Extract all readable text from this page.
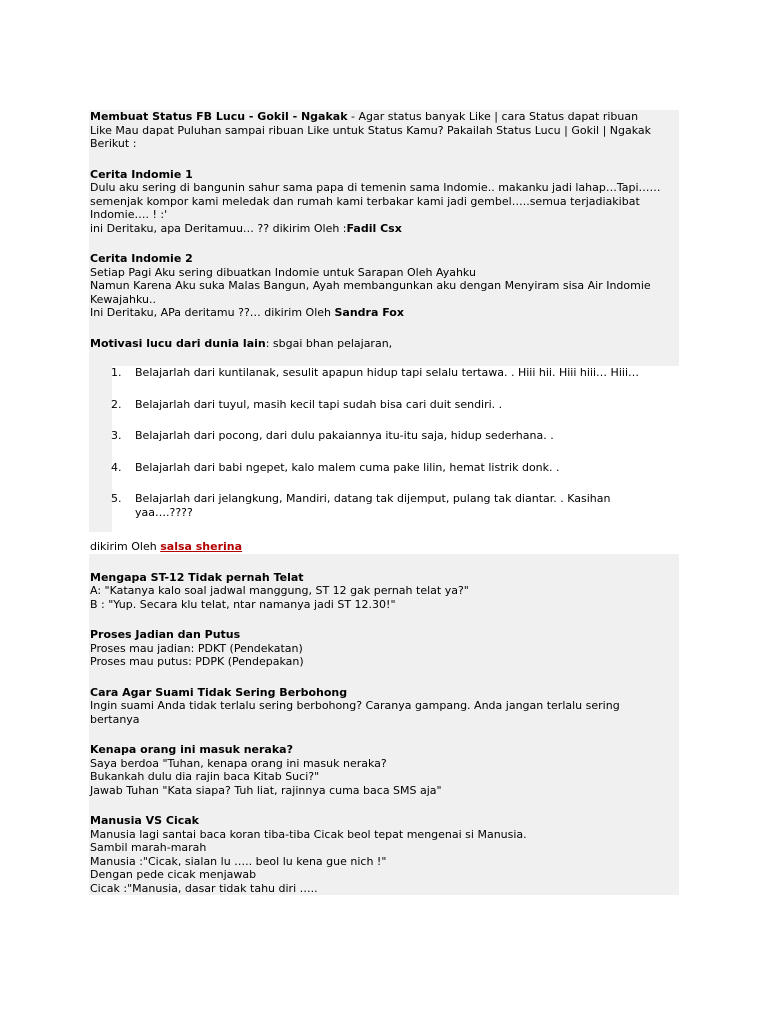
Membuat Status FB Lucu - Gokil - Ngakak - Agar status banyak Like | cara Status dapat ribuan

Like Mau dapat Puluhan sampai ribuan Like untuk Status Kamu? Pakailah Status Lucu | Gokil | Ngakak

Berikut :

Cerita Indomie 1

Dulu aku sering di bangunin sahur sama papa di temenin sama Indomie.. makanku jadi lahap…Tapi……

semenjak kompor kami meledak dan rumah kami terbakar kami jadi gembel…..semua terjadiakibat

Indomie…. ! :'

ini Deritaku, apa Deritamuu… ?? dikirim Oleh :Fadil Csx

Cerita Indomie 2

Setiap Pagi Aku sering dibuatkan Indomie untuk Sarapan Oleh Ayahku

Namun Karena Aku suka Malas Bangun, Ayah membangunkan aku dengan Menyiram sisa Air Indomie

Kewajahku..

Ini Deritaku, APa deritamu ??… dikirim Oleh Sandra Fox

Motivasi lucu dari dunia lain: sbgai bhan pelajaran,

1. Belajarlah dari kuntilanak, sesulit apapun hidup tapi selalu tertawa. . Hiii hii. Hiii hiii… Hiii…
2. Belajarlah dari tuyul, masih kecil tapi sudah bisa cari duit sendiri. .
3. Belajarlah dari pocong, dari dulu pakaiannya itu-itu saja, hidup sederhana. .
4. Belajarlah dari babi ngepet, kalo malem cuma pake lilin, hemat listrik donk. .
5. Belajarlah dari jelangkung, Mandiri, datang tak dijemput, pulang tak diantar. . Kasihan yaa….????

dikirim Oleh salsa sherina

Mengapa ST-12 Tidak pernah Telat

A: "Katanya kalo soal jadwal manggung, ST 12 gak pernah telat ya?"

B : "Yup. Secara klu telat, ntar namanya jadi ST 12.30!"

Proses Jadian dan Putus

Proses mau jadian: PDKT (Pendekatan)

Proses mau putus: PDPK (Pendepakan)

Cara Agar Suami Tidak Sering Berbohong

Ingin suami Anda tidak terlalu sering berbohong? Caranya gampang. Anda jangan terlalu sering

bertanya

Kenapa orang ini masuk neraka?

Saya berdoa "Tuhan, kenapa orang ini masuk neraka?

Bukankah dulu dia rajin baca Kitab Suci?"

Jawab Tuhan "Kata siapa? Tuh liat, rajinnya cuma baca SMS aja"

Manusia VS Cicak

Manusia lagi santai baca koran tiba-tiba Cicak beol tepat mengenai si Manusia.

Sambil marah-marah

Manusia :"Cicak, sialan lu ….. beol lu kena gue nich !"

Dengan pede cicak menjawab

Cicak :"Manusia, dasar tidak tahu diri …..
